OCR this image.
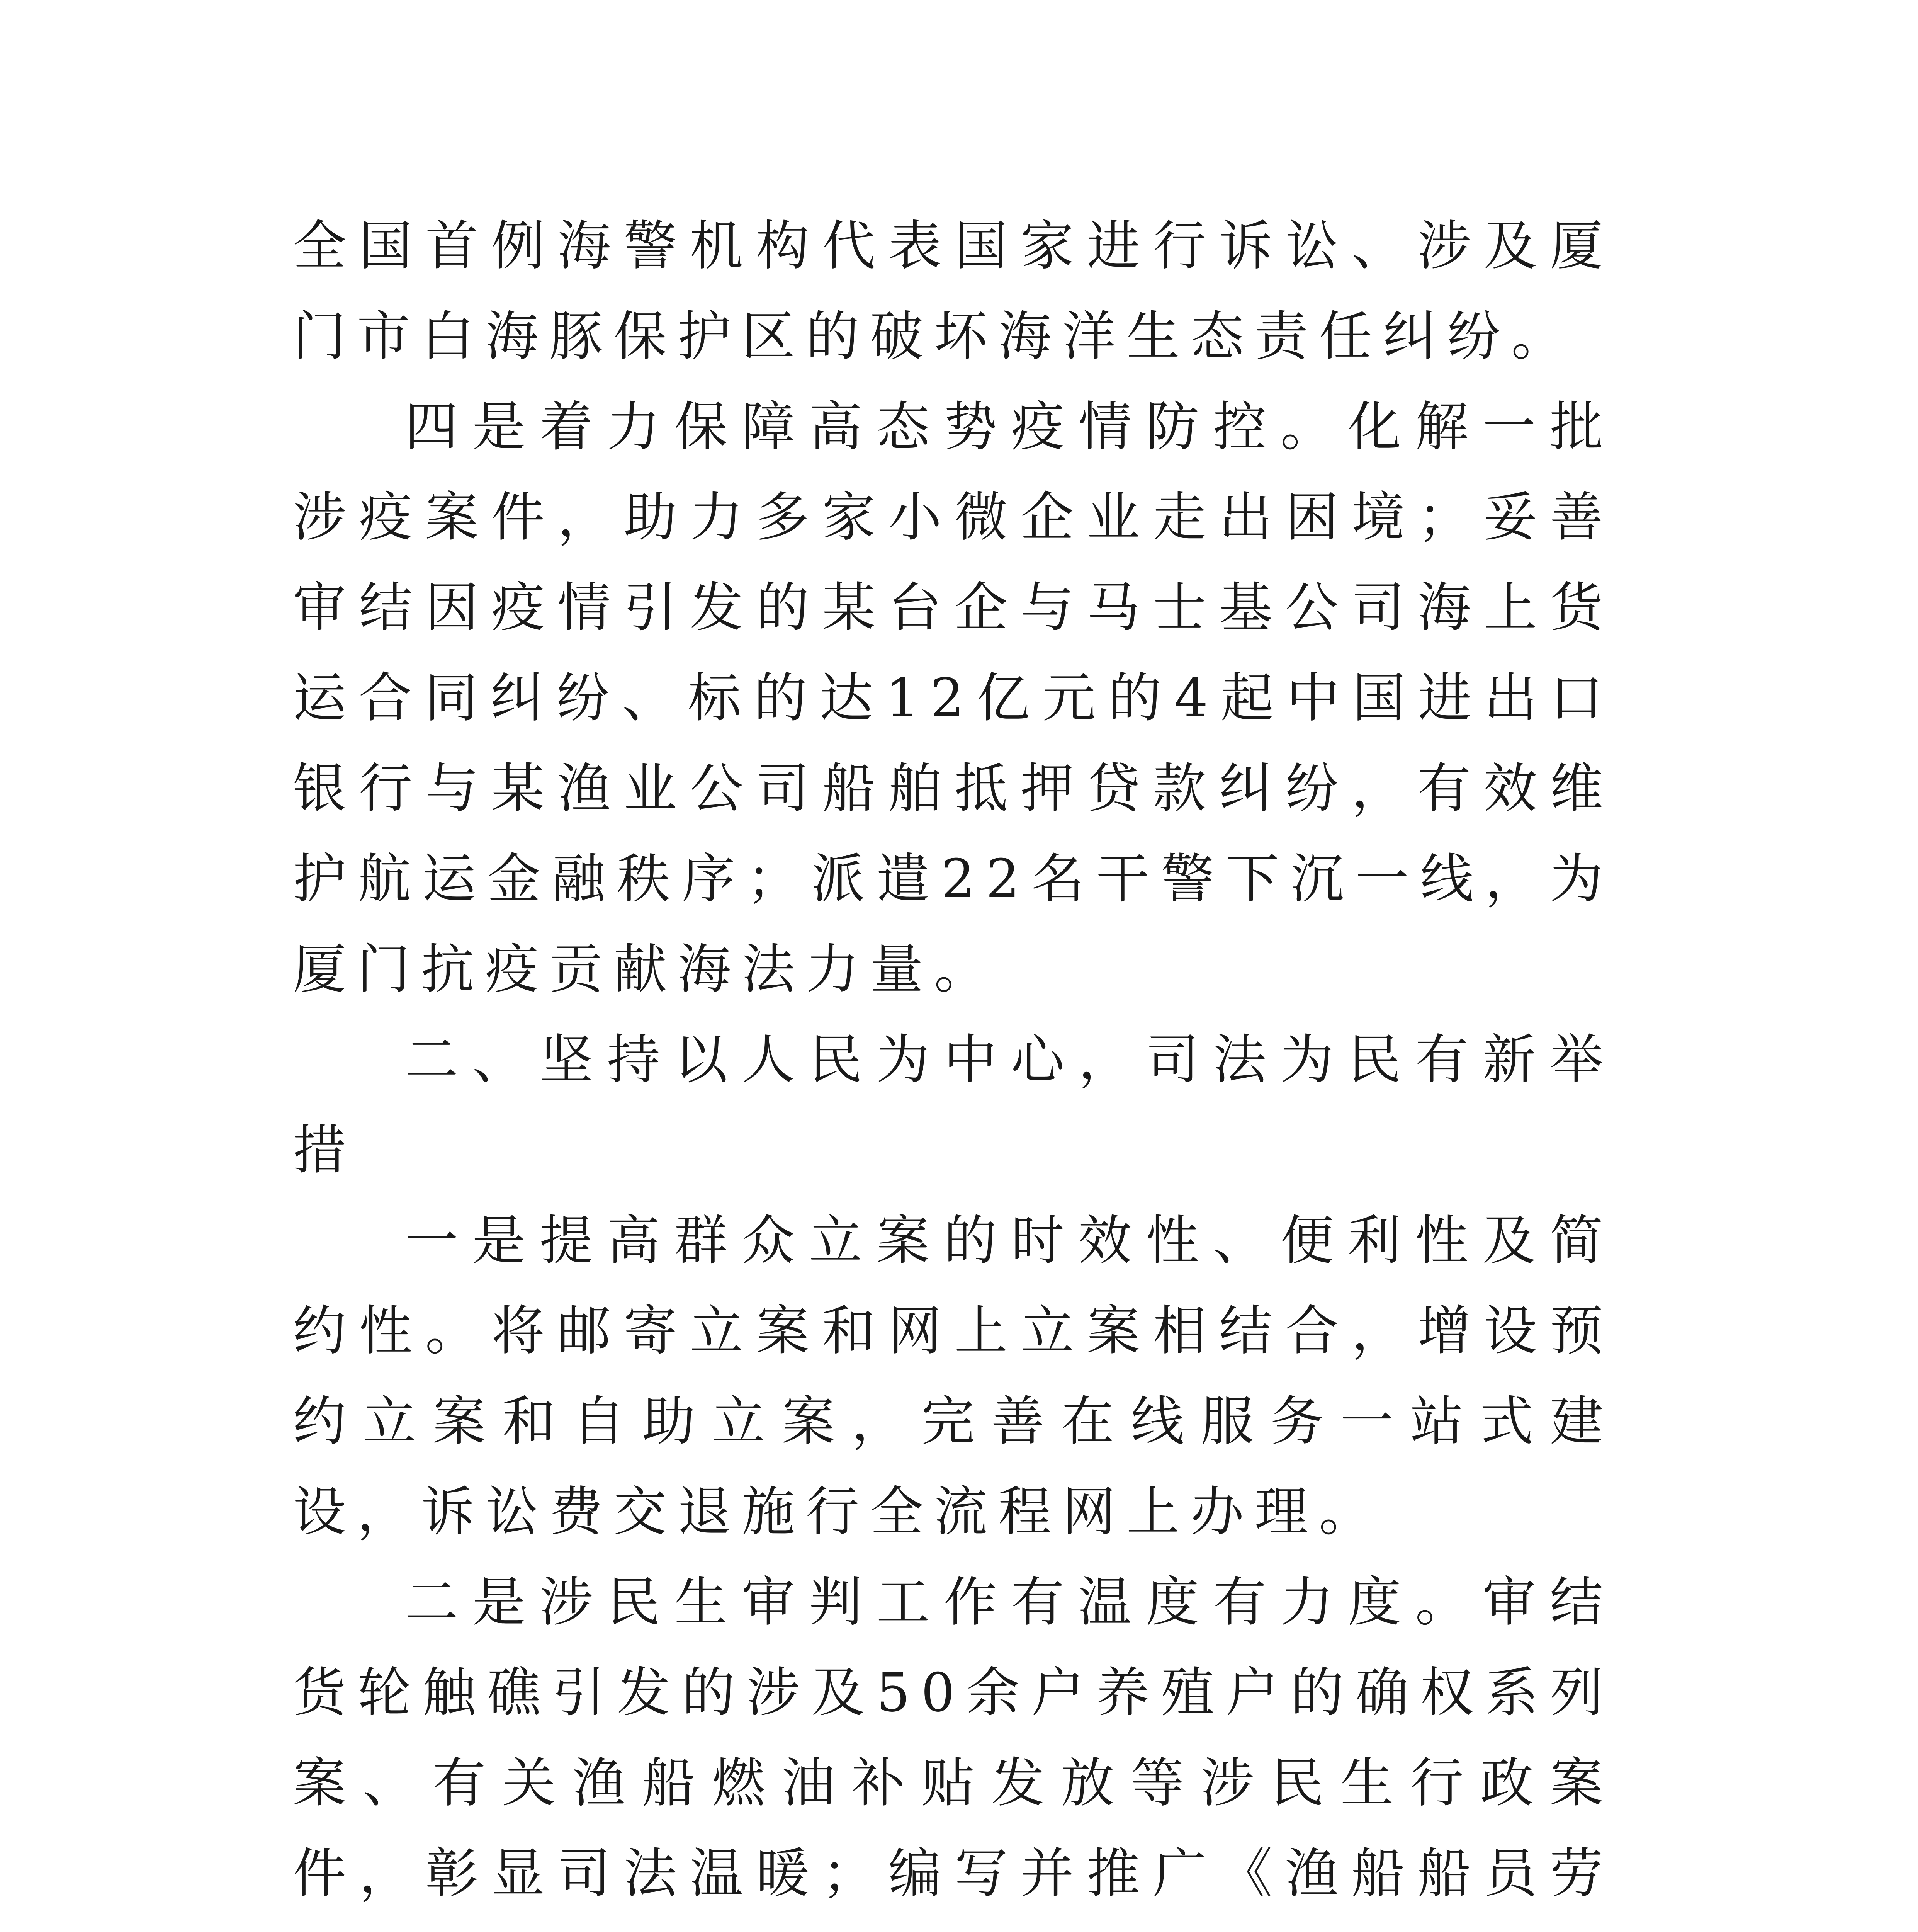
全国首例海警机构代表国家进行诉讼、涉及厦门市白海豚保护区的破坏海洋生态责任纠纷。

四是着力保障高态势疫情防控。化解一批涉疫案件，助力多家小微企业走出困境；妥善审结因疫情引发的某台企与马士基公司海上货运合同纠纷、标的达12亿元的4起中国进出口银行与某渔业公司船舶抵押贷款纠纷，有效维护航运金融秩序；派遣22名干警下沉一线，为厦门抗疫贡献海法力量。

二、坚持以人民为中心，司法为民有新举措

一是提高群众立案的时效性、便利性及简约性。将邮寄立案和网上立案相结合，增设预约立案和自助立案，完善在线服务一站式建设，诉讼费交退施行全流程网上办理。

二是涉民生审判工作有温度有力度。审结货轮触礁引发的涉及50余户养殖户的确权系列案、有关渔船燃油补贴发放等涉民生行政案件，彰显司法温暖；编写并推广《渔船船员劳
